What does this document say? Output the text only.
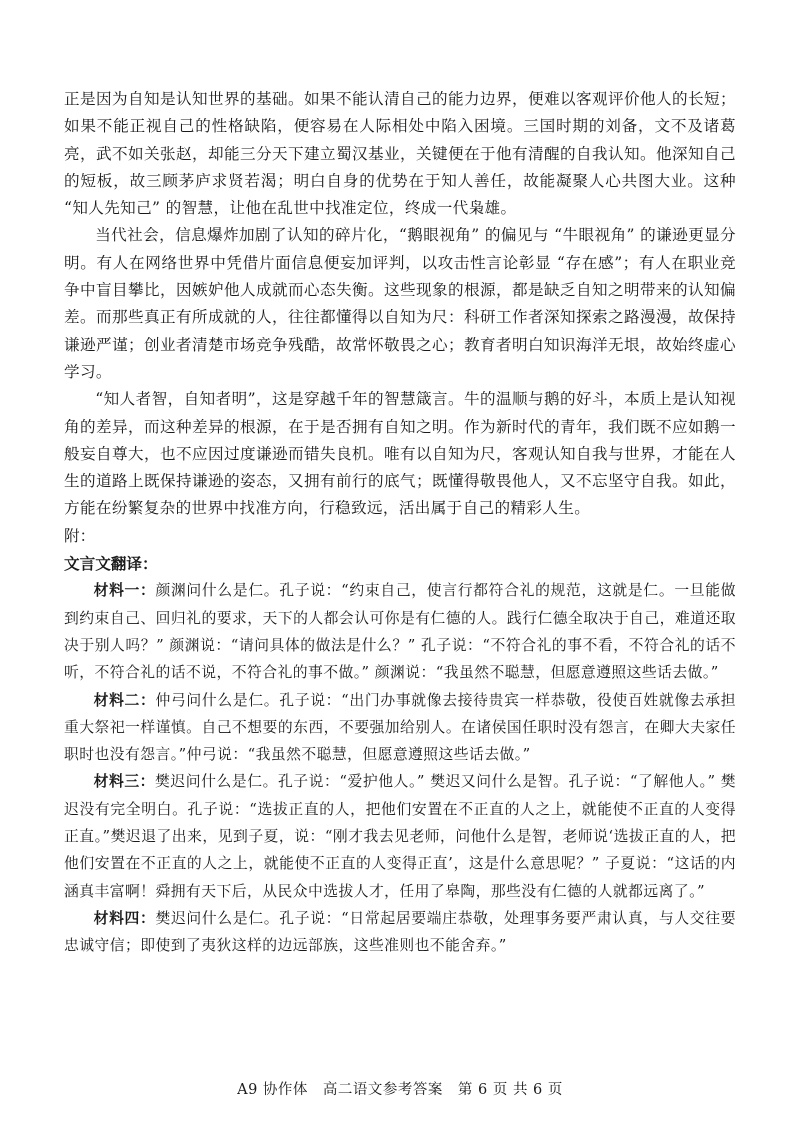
正是因为自知是认知世界的基础。如果不能认清自己的能力边界，便难以客观评价他人的长短；如果不能正视自己的性格缺陷，便容易在人际相处中陷入困境。三国时期的刘备，文不及诸葛亮，武不如关张赵，却能三分天下建立蜀汉基业，关键便在于他有清醒的自我认知。他深知自己的短板，故三顾茅庐求贤若渴；明白自身的优势在于知人善任，故能凝聚人心共图大业。这种 “知人先知己” 的智慧，让他在乱世中找准定位，终成一代枭雄。

当代社会，信息爆炸加剧了认知的碎片化，“鹅眼视角” 的偏见与 “牛眼视角” 的谦逊更显分明。有人在网络世界中凭借片面信息便妄加评判，以攻击性言论彰显 “存在感”；有人在职业竞争中盲目攀比，因嫉妒他人成就而心态失衡。这些现象的根源，都是缺乏自知之明带来的认知偏差。而那些真正有所成就的人，往往都懂得以自知为尺：科研工作者深知探索之路漫漫，故保持谦逊严谨；创业者清楚市场竞争残酷，故常怀敬畏之心；教育者明白知识海洋无垠，故始终虚心学习。

“知人者智，自知者明”，这是穿越千年的智慧箴言。牛的温顺与鹅的好斗，本质上是认知视角的差异，而这种差异的根源，在于是否拥有自知之明。作为新时代的青年，我们既不应如鹅一般妄自尊大，也不应因过度谦逊而错失良机。唯有以自知为尺，客观认知自我与世界，才能在人生的道路上既保持谦逊的姿态，又拥有前行的底气；既懂得敬畏他人，又不忘坚守自我。如此，方能在纷繁复杂的世界中找准方向，行稳致远，活出属于自己的精彩人生。

附：

文言文翻译：

材料一：颜渊问什么是仁。孔子说：“约束自己，使言行都符合礼的规范，这就是仁。一旦能做到约束自己、回归礼的要求，天下的人都会认可你是有仁德的人。践行仁德全取决于自己，难道还取决于别人吗？” 颜渊说：“请问具体的做法是什么？” 孔子说：“不符合礼的事不看，不符合礼的话不听，不符合礼的话不说，不符合礼的事不做。” 颜渊说：“我虽然不聪慧，但愿意遵照这些话去做。”

材料二：仲弓问什么是仁。孔子说：“出门办事就像去接待贵宾一样恭敬，役使百姓就像去承担重大祭祀一样谨慎。自己不想要的东西，不要强加给别人。在诸侯国任职时没有怨言，在卿大夫家任职时也没有怨言。”仲弓说：“我虽然不聪慧，但愿意遵照这些话去做。”

材料三：樊迟问什么是仁。孔子说：“爱护他人。” 樊迟又问什么是智。孔子说：“了解他人。” 樊迟没有完全明白。孔子说：“选拔正直的人，把他们安置在不正直的人之上，就能使不正直的人变得正直。”樊迟退了出来，见到子夏，说：“刚才我去见老师，问他什么是智，老师说‘选拔正直的人，把他们安置在不正直的人之上，就能使不正直的人变得正直’，这是什么意思呢？” 子夏说：“这话的内涵真丰富啊！舜拥有天下后，从民众中选拔人才，任用了皋陶，那些没有仁德的人就都远离了。”

材料四：樊迟问什么是仁。孔子说：“日常起居要端庄恭敬，处理事务要严肃认真，与人交往要忠诚守信；即使到了夷狄这样的边远部族，这些准则也不能舍弃。”

A9 协作体　高二语文参考答案　第 6 页 共 6 页
